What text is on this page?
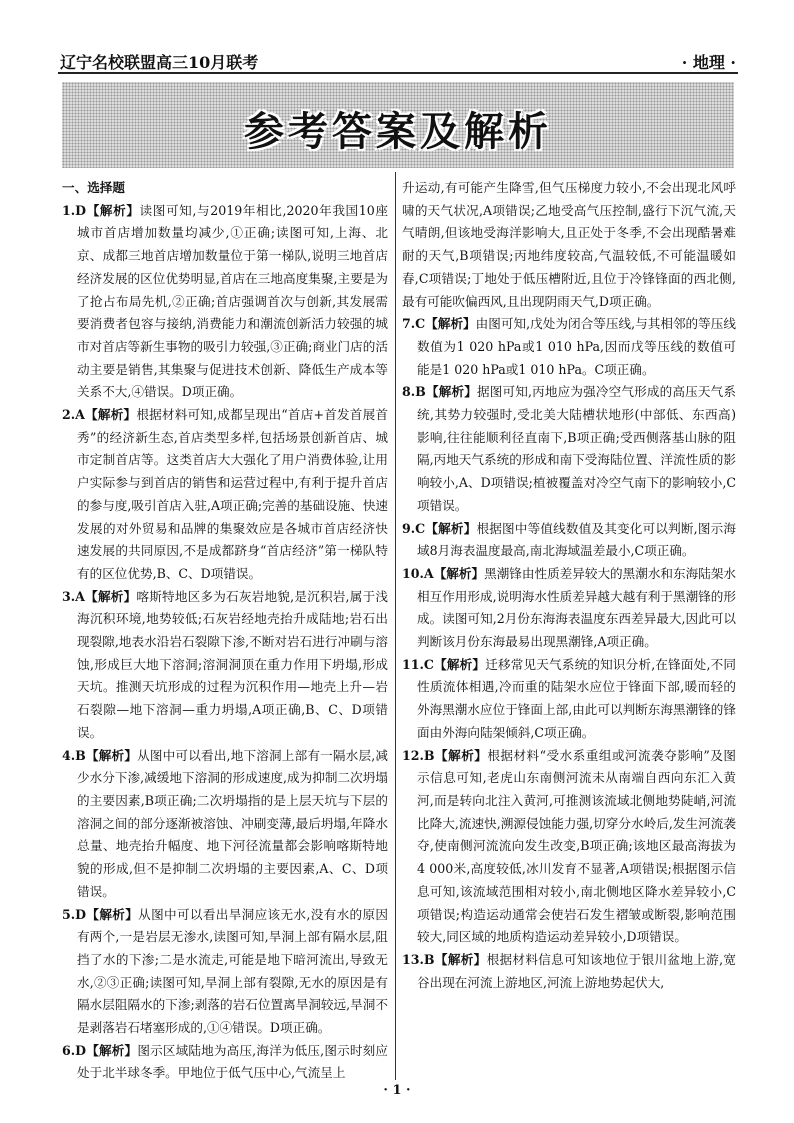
辽宁名校联盟高三10月联考	· 地理 ·
参考答案及解析
一、选择题

1.D【解析】读图可知,与2019年相比,2020年我国10座城市首店增加数量均减少,①正确;读图可知,上海、北京、成都三地首店增加数量位于第一梯队,说明三地首店经济发展的区位优势明显,首店在三地高度集聚,主要是为了抢占布局先机,②正确;首店强调首次与创新,其发展需要消费者包容与接纳,消费能力和潮流创新活力较强的城市对首店等新生事物的吸引力较强,③正确;商业门店的活动主要是销售,其集聚与促进技术创新、降低生产成本等关系不大,④错误。D项正确。

2.A【解析】根据材料可知,成都呈现出“首店+首发首展首秀”的经济新生态,首店类型多样,包括场景创新首店、城市定制首店等。这类首店大大强化了用户消费体验,让用户实际参与到首店的销售和运营过程中,有利于提升首店的参与度,吸引首店入驻,A项正确;完善的基础设施、快速发展的对外贸易和品牌的集聚效应是各城市首店经济快速发展的共同原因,不是成都跻身“首店经济”第一梯队特有的区位优势,B、C、D项错误。

3.A【解析】喀斯特地区多为石灰岩地貌,是沉积岩,属于浅海沉积环境,地势较低;石灰岩经地壳抬升成陆地;岩石出现裂隙,地表水沿岩石裂隙下渗,不断对岩石进行冲刷与溶蚀,形成巨大地下溶洞;溶洞洞顶在重力作用下坍塌,形成天坑。推测天坑形成的过程为沉积作用—地壳上升—岩石裂隙—地下溶洞—重力坍塌,A项正确,B、C、D项错误。

4.B【解析】从图中可以看出,地下溶洞上部有一隔水层,减少水分下渗,减缓地下溶洞的形成速度,成为抑制二次坍塌的主要因素,B项正确;二次坍塌指的是上层天坑与下层的溶洞之间的部分逐渐被溶蚀、冲刷变薄,最后坍塌,年降水总量、地壳抬升幅度、地下河径流量都会影响喀斯特地貌的形成,但不是抑制二次坍塌的主要因素,A、C、D项错误。

5.D【解析】从图中可以看出旱洞应该无水,没有水的原因有两个,一是岩层无渗水,读图可知,旱洞上部有隔水层,阻挡了水的下渗;二是水流走,可能是地下暗河流出,导致无水,②③正确;读图可知,旱洞上部有裂隙,无水的原因是有隔水层阻隔水的下渗;剥落的岩石位置离旱洞较远,旱洞不是剥落岩石堵塞形成的,①④错误。D项正确。

6.D【解析】图示区域陆地为高压,海洋为低压,图示时刻应处于北半球冬季。甲地位于低气压中心,气流呈上

升运动,有可能产生降雪,但气压梯度力较小,不会出现北风呼啸的天气状况,A项错误;乙地受高气压控制,盛行下沉气流,天气晴朗,但该地受海洋影响大,且正处于冬季,不会出现酷暑难耐的天气,B项错误;丙地纬度较高,气温较低,不可能温暖如春,C项错误;丁地处于低压槽附近,且位于冷锋锋面的西北侧,最有可能吹偏西风,且出现阴雨天气,D项正确。

7.C【解析】由图可知,戊处为闭合等压线,与其相邻的等压线数值为1 020 hPa或1 010 hPa,因而戊等压线的数值可能是1 020 hPa或1 010 hPa。C项正确。

8.B【解析】据图可知,丙地应为强冷空气形成的高压天气系统,其势力较强时,受北美大陆槽状地形(中部低、东西高)影响,往往能顺利径直南下,B项正确;受西侧落基山脉的阻隔,丙地天气系统的形成和南下受海陆位置、洋流性质的影响较小,A、D项错误;植被覆盖对冷空气南下的影响较小,C项错误。

9.C【解析】根据图中等值线数值及其变化可以判断,图示海域8月海表温度最高,南北海域温差最小,C项正确。

10.A【解析】黑潮锋由性质差异较大的黑潮水和东海陆架水相互作用形成,说明海水性质差异越大越有利于黑潮锋的形成。读图可知,2月份东海海表温度东西差异最大,因此可以判断该月份东海最易出现黑潮锋,A项正确。

11.C【解析】迁移常见天气系统的知识分析,在锋面处,不同性质流体相遇,冷而重的陆架水应位于锋面下部,暖而轻的外海黑潮水应位于锋面上部,由此可以判断东海黑潮锋的锋面由外海向陆架倾斜,C项正确。

12.B【解析】根据材料“受水系重组或河流袭夺影响”及图示信息可知,老虎山东南侧河流未从南端自西向东汇入黄河,而是转向北注入黄河,可推测该流域北侧地势陡峭,河流比降大,流速快,溯源侵蚀能力强,切穿分水岭后,发生河流袭夺,使南侧河流流向发生改变,B项正确;该地区最高海拔为4 000米,高度较低,冰川发育不显著,A项错误;根据图示信息可知,该流域范围相对较小,南北侧地区降水差异较小,C项错误;构造运动通常会使岩石发生褶皱或断裂,影响范围较大,同区域的地质构造运动差异较小,D项错误。

13.B【解析】根据材料信息可知该地位于银川盆地上游,宽谷出现在河流上游地区,河流上游地势起伏大,

· 1 ·
